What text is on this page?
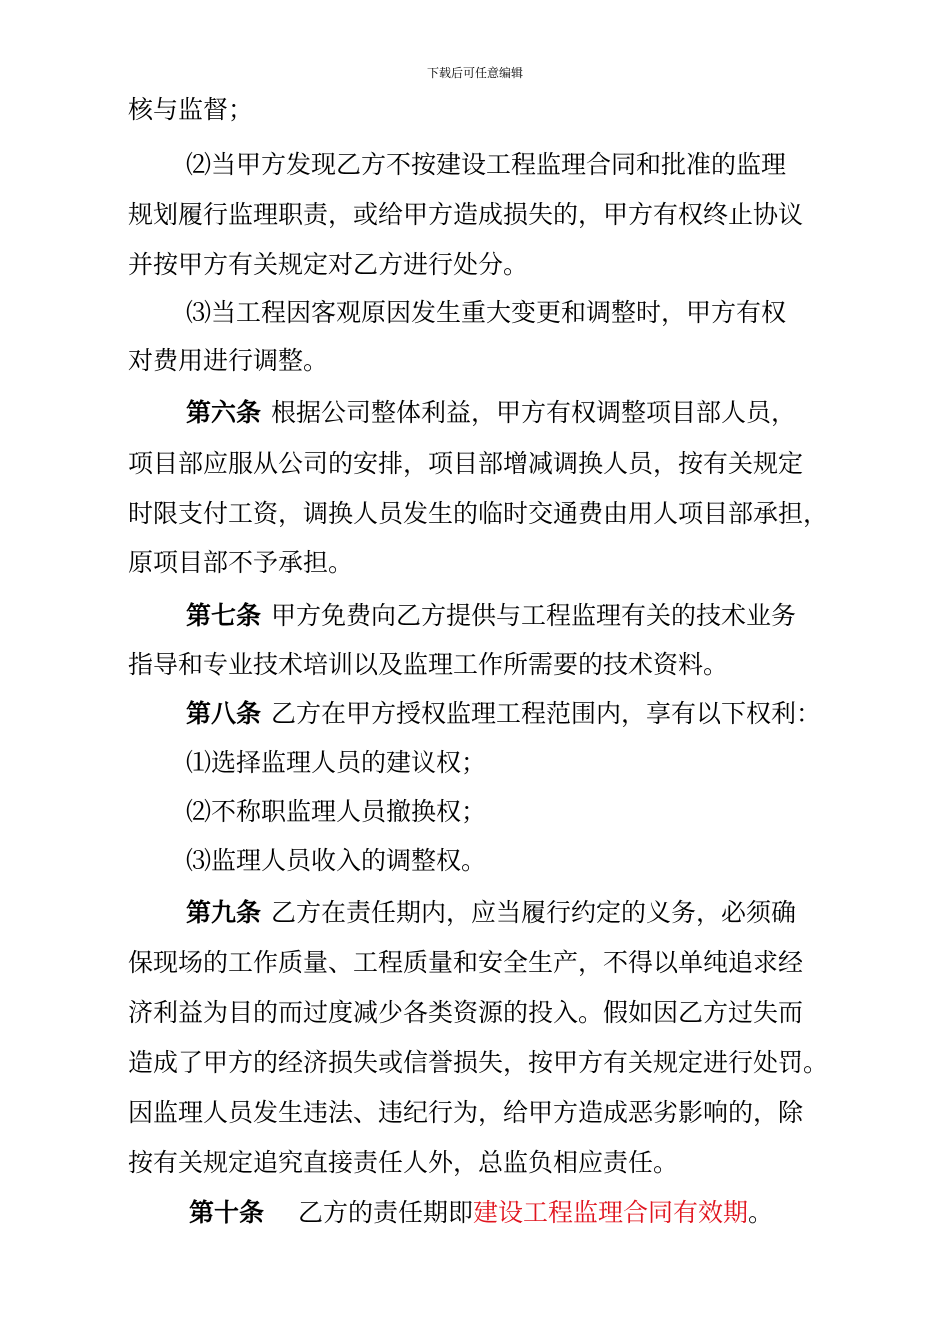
下载后可任意编辑
核与监督；
⑵当甲方发现乙方不按建设工程监理合同和批准的监理
规划履行监理职责，或给甲方造成损失的，甲方有权终止协议
并按甲方有关规定对乙方进行处分。
⑶当工程因客观原因发生重大变更和调整时，甲方有权
对费用进行调整。
第六条 根据公司整体利益，甲方有权调整项目部人员，
项目部应服从公司的安排，项目部增减调换人员，按有关规定
时限支付工资，调换人员发生的临时交通费由用人项目部承担，
原项目部不予承担。
第七条 甲方免费向乙方提供与工程监理有关的技术业务
指导和专业技术培训以及监理工作所需要的技术资料。
第八条 乙方在甲方授权监理工程范围内，享有以下权利：
⑴选择监理人员的建议权；
⑵不称职监理人员撤换权；
⑶监理人员收入的调整权。
第九条 乙方在责任期内，应当履行约定的义务，必须确
保现场的工作质量、工程质量和安全生产，不得以单纯追求经
济利益为目的而过度减少各类资源的投入。假如因乙方过失而
造成了甲方的经济损失或信誉损失，按甲方有关规定进行处罚。
因监理人员发生违法、违纪行为，给甲方造成恶劣影响的，除
按有关规定追究直接责任人外，总监负相应责任。
第十条 乙方的责任期即建设工程监理合同有效期。
